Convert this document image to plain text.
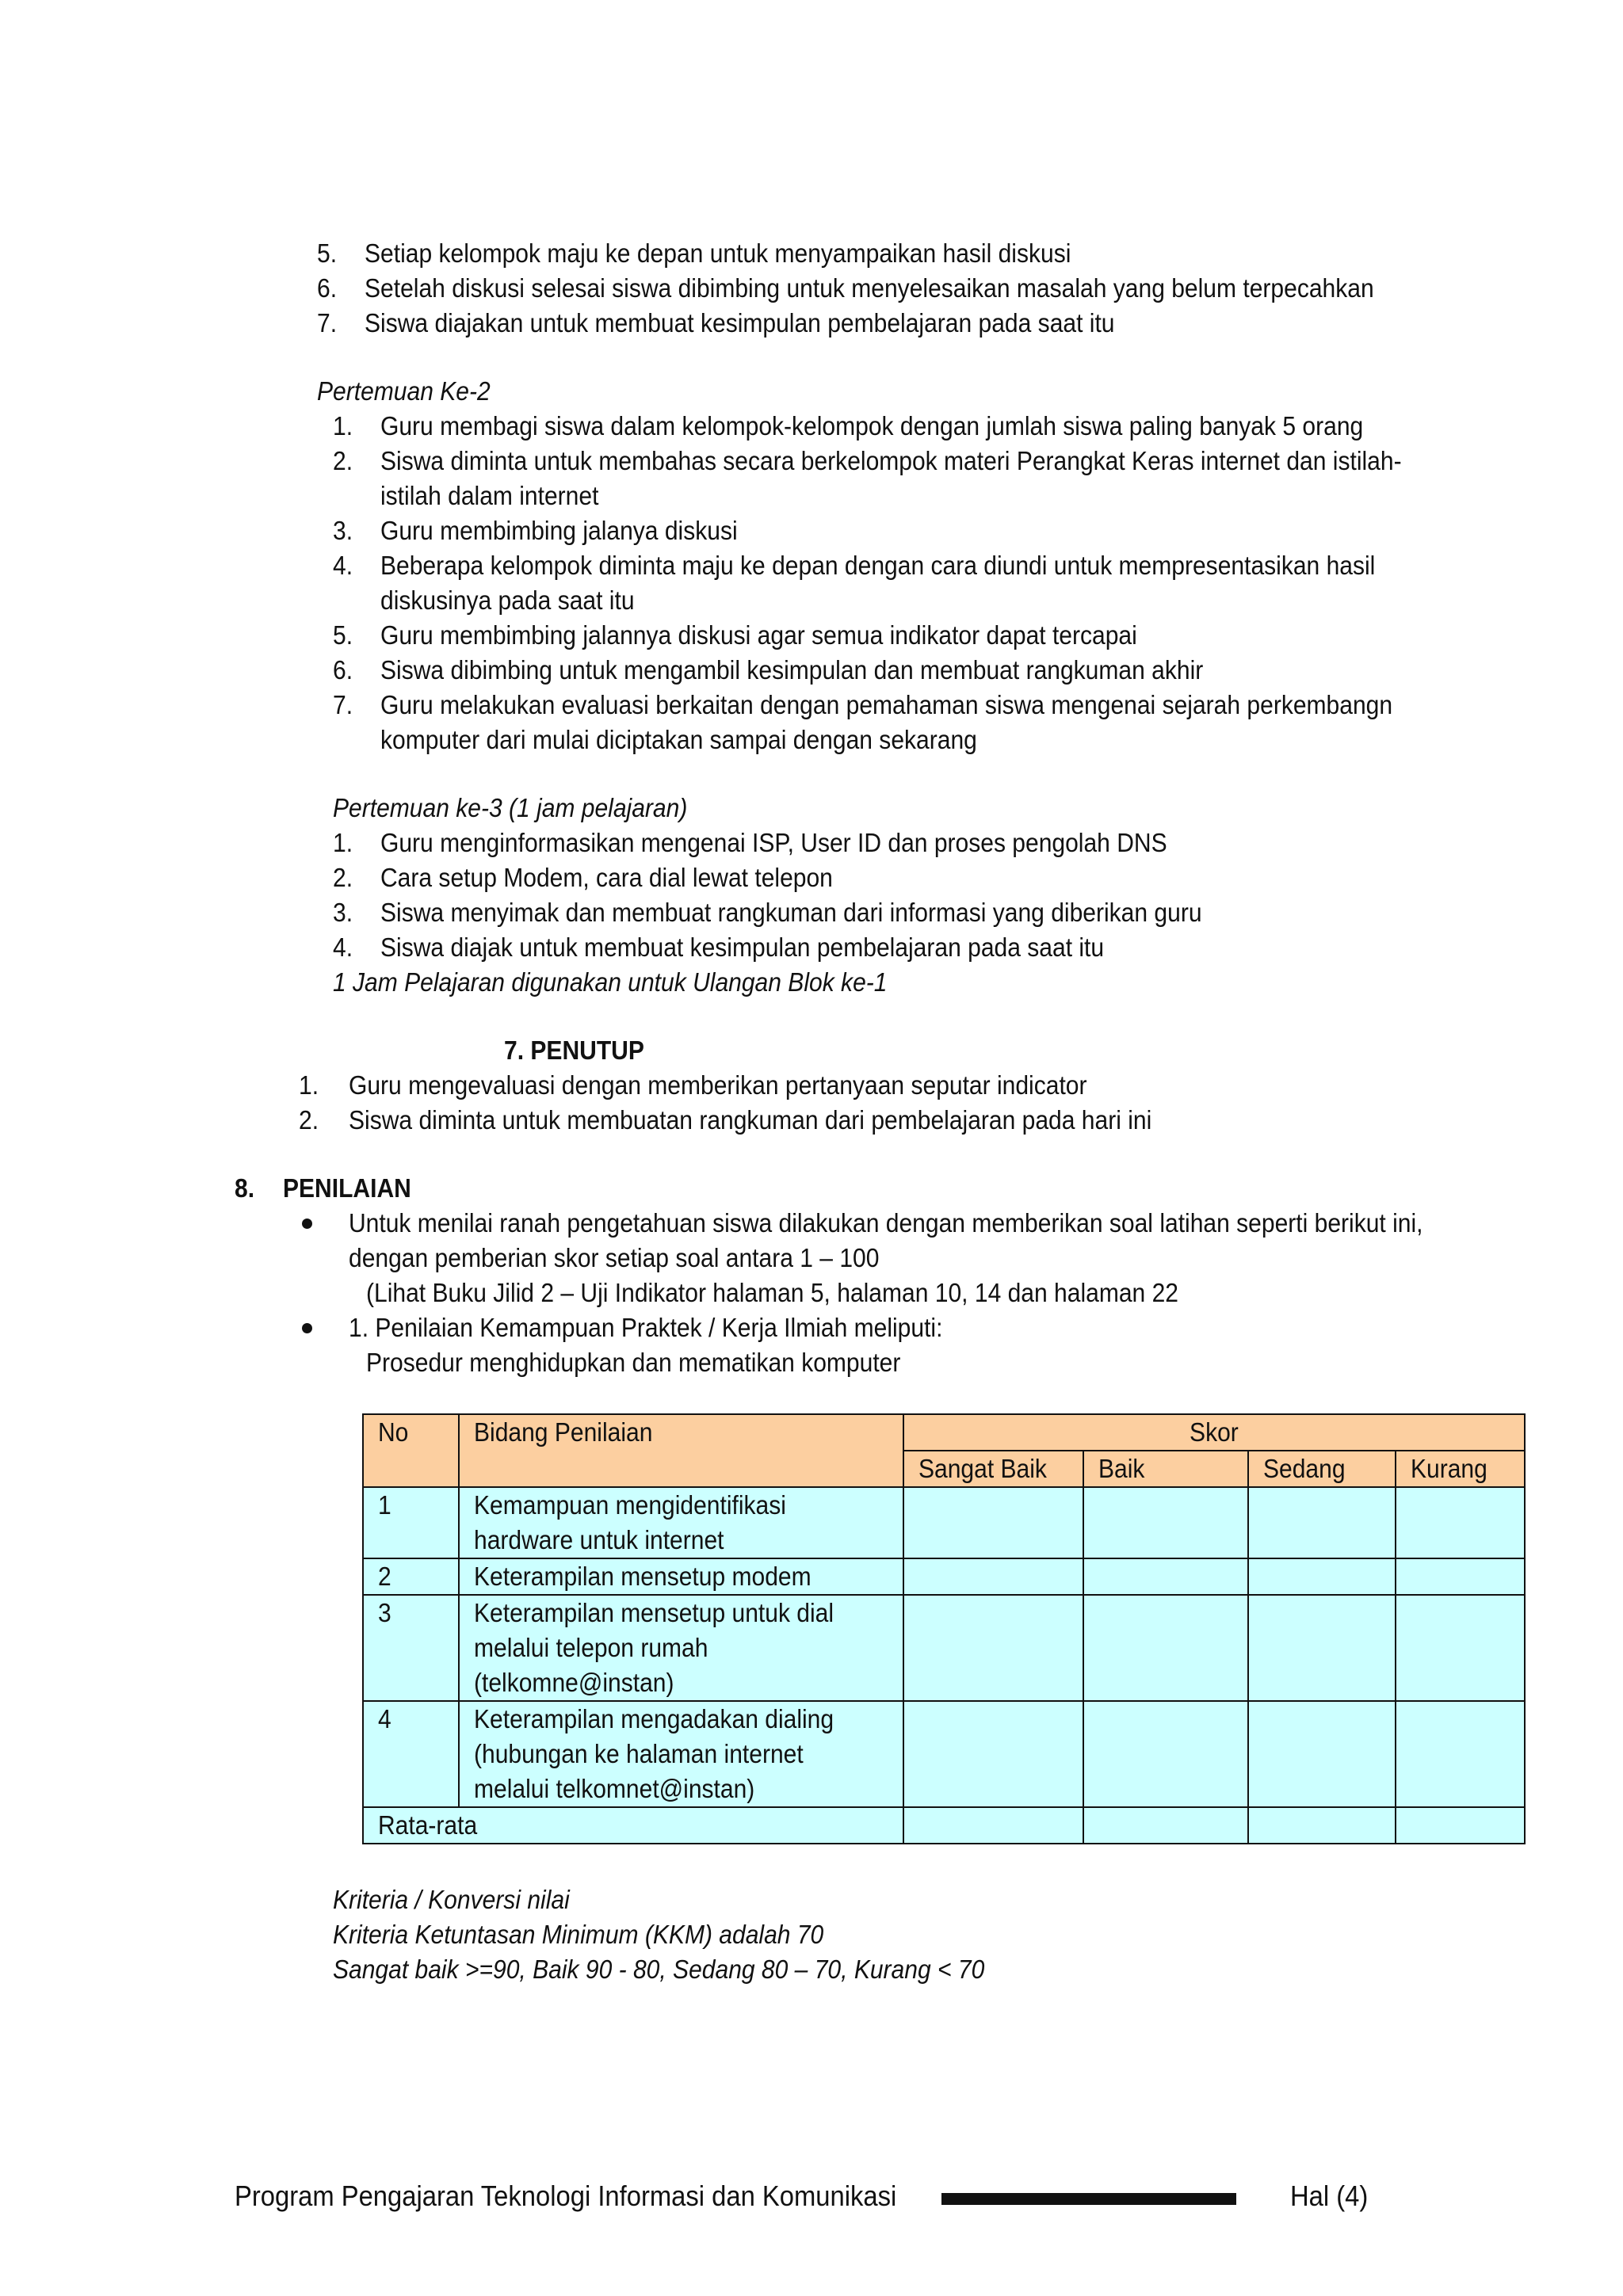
5. Setiap kelompok maju ke depan untuk menyampaikan hasil diskusi
6. Setelah diskusi selesai siswa dibimbing untuk menyelesaikan masalah yang belum terpecahkan
7. Siswa diajakan untuk membuat kesimpulan pembelajaran pada saat itu
Pertemuan Ke-2
1. Guru membagi siswa dalam kelompok-kelompok dengan jumlah siswa paling banyak 5 orang
2. Siswa diminta untuk membahas secara berkelompok materi Perangkat Keras internet dan istilah-
istilah dalam internet
3. Guru membimbing jalanya diskusi
4. Beberapa kelompok diminta maju ke depan dengan cara diundi untuk mempresentasikan hasil
diskusinya pada saat itu
5. Guru membimbing jalannya diskusi agar semua indikator dapat tercapai
6. Siswa dibimbing untuk mengambil kesimpulan dan membuat rangkuman akhir
7. Guru melakukan evaluasi berkaitan dengan pemahaman siswa mengenai sejarah perkembangn
komputer dari mulai diciptakan sampai dengan sekarang
Pertemuan ke-3 (1 jam pelajaran)
1. Guru menginformasikan mengenai ISP, User ID dan proses pengolah DNS
2. Cara setup Modem, cara dial lewat telepon
3. Siswa menyimak dan membuat rangkuman dari informasi yang diberikan guru
4. Siswa diajak untuk membuat kesimpulan pembelajaran pada saat itu
1 Jam Pelajaran digunakan untuk Ulangan Blok ke-1
7. PENUTUP
1. Guru mengevaluasi dengan memberikan pertanyaan seputar indicator
2. Siswa diminta untuk membuatan rangkuman dari pembelajaran pada hari ini
8. PENILAIAN
Untuk menilai ranah pengetahuan siswa dilakukan dengan memberikan soal latihan seperti berikut ini,
dengan pemberian skor setiap soal antara 1 – 100
(Lihat Buku Jilid 2 – Uji Indikator halaman 5, halaman 10, 14 dan halaman 22
1. Penilaian Kemampuan Praktek / Kerja Ilmiah meliputi:
Prosedur menghidupkan dan mematikan komputer
No	Bidang Penilaian	Skor			
		Sangat Baik	Baik	Sedang	Kurang
1	Kemampuan mengidentifikasi
hardware untuk internet				
2	Keterampilan mensetup modem				
3	Keterampilan mensetup untuk dial
melalui telepon rumah
(telkomne@instan)				
4	Keterampilan mengadakan dialing
(hubungan ke halaman internet
melalui telkomnet@instan)				
Rata-rata					
Kriteria / Konversi nilai
Kriteria Ketuntasan Minimum (KKM) adalah 70
Sangat baik >=90, Baik 90 - 80, Sedang 80 – 70, Kurang < 70
Program Pengajaran Teknologi Informasi dan Komunikasi	Hal (4)
